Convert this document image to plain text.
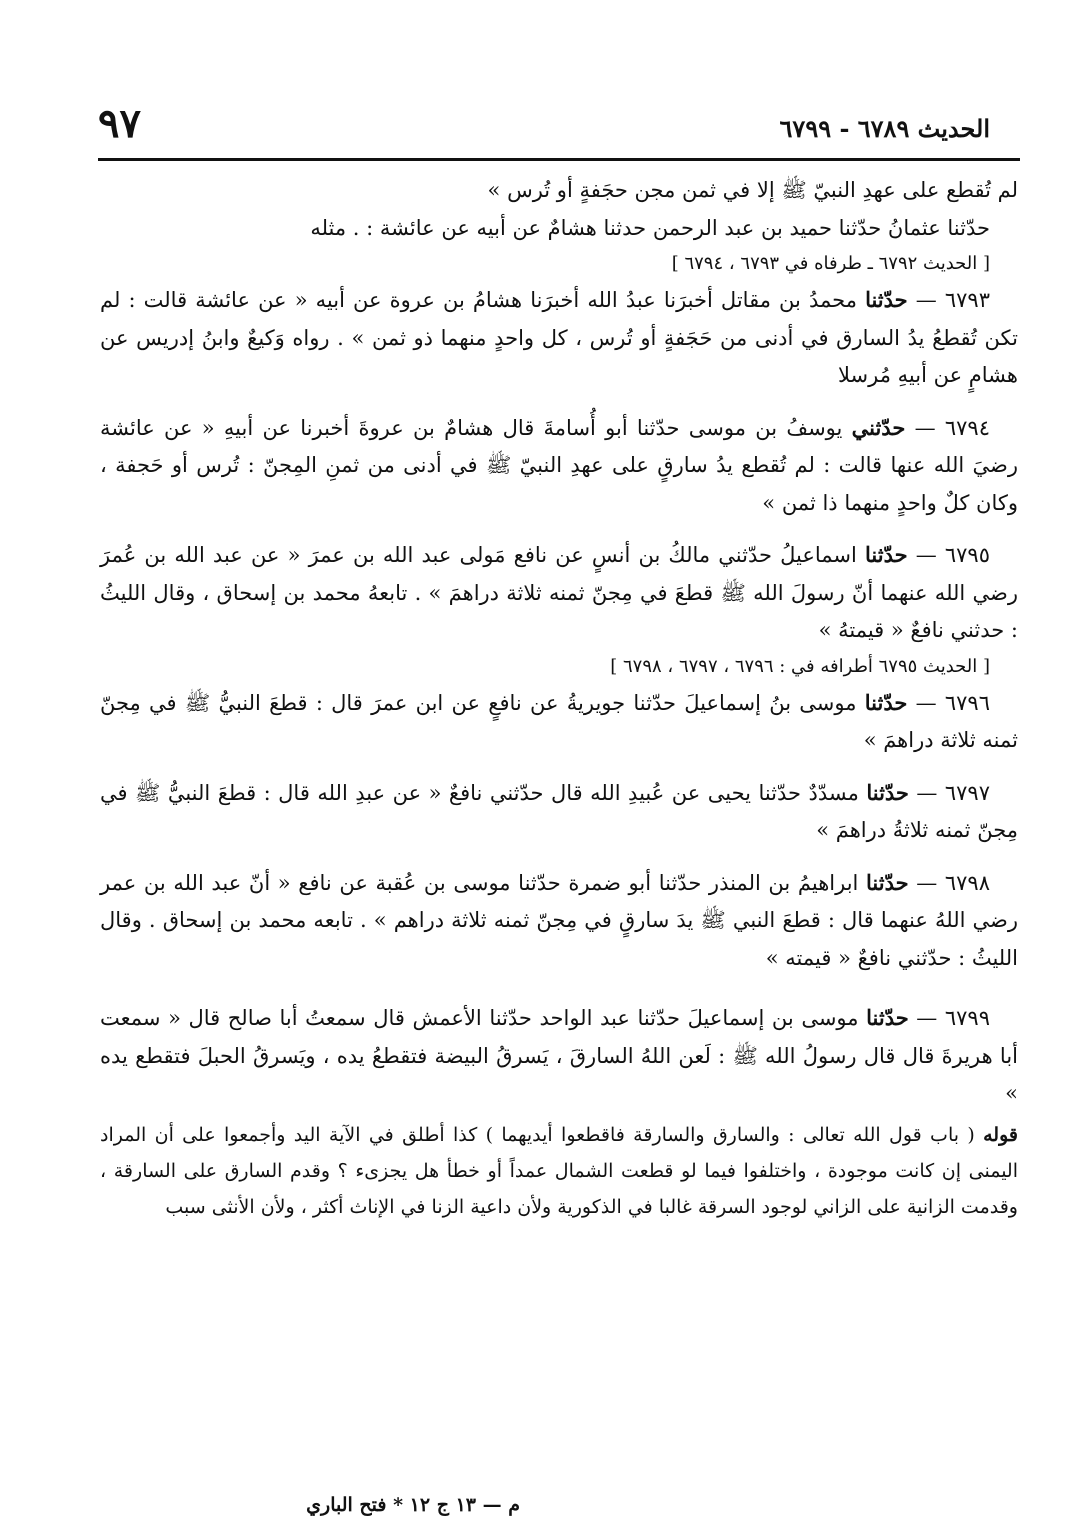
الحديث ٦٧٨٩ - ٦٧٩٩
٩٧

لم تُقطع على عهدِ النبيّ ﷺ إلا في ثمن مجن حجَفةٍ أو تُرس »

حدّثنا عثمانُ حدّثنا حميد بن عبد الرحمن حدثنا هشامٌ عن أبيه عن عائشة : . مثله

[ الحديث ٦٧٩٢ ـ طرفاه في ٦٧٩٣ ، ٦٧٩٤ ]

٦٧٩٣ — حدّثنا محمدُ بن مقاتل أخبرَنا عبدُ الله أخبرَنا هشامُ بن عروة عن أبيه « عن عائشة قالت : لم تكن تُقطعُ يدُ السارق في أدنى من حَجَفةٍ أو تُرس ، كل واحدٍ منهما ذو ثمن » . رواه وَكيعٌ وابنُ إدريس عن هشامٍ عن أبيهِ مُرسلا

٦٧٩٤ — حدّثني يوسفُ بن موسى حدّثنا أبو أُسامةَ قال هشامٌ بن عروةَ أخبرنا عن أبيهِ « عن عائشة رضيَ الله عنها قالت : لم تُقطع يدُ سارقٍ على عهدِ النبيّ ﷺ في أدنى من ثمنِ المِجنّ : تُرس أو حَجفة ، وكان كلٌ واحدٍ منهما ذا ثمن »

٦٧٩٥ — حدّثنا اسماعيلُ حدّثني مالكُ بن أنسٍ عن نافع مَولى عبد الله بن عمرَ « عن عبد الله بن عُمرَ رضي الله عنهما أنّ رسولَ الله ﷺ قطعَ في مِجنّ ثمنه ثلاثة دراهمَ » . تابعهُ محمد بن إسحاق ، وقال الليثُ : حدثني نافعٌ « قيمتهُ »

[ الحديث ٦٧٩٥ أطرافه في : ٦٧٩٦ ، ٦٧٩٧ ، ٦٧٩٨ ]

٦٧٩٦ — حدّثنا موسى بنُ إسماعيلَ حدّثنا جويريةُ عن نافعٍ عن ابن عمرَ قال : قطعَ النبيُّ ﷺ في مِجنّ ثمنه ثلاثة دراهمَ »

٦٧٩٧ — حدّثنا مسدّدٌ حدّثنا يحيى عن عُبيدِ الله قال حدّثني نافعٌ « عن عبدِ الله قال : قطعَ النبيُّ ﷺ في مِجنّ ثمنه ثلاثةُ دراهمَ »

٦٧٩٨ — حدّثنا ابراهيمُ بن المنذر حدّثنا أبو ضمرة حدّثنا موسى بن عُقبة عن نافع « أنّ عبد الله بن عمر رضي اللهُ عنهما قال : قطعَ النبي ﷺ يدَ سارقٍ في مِجنّ ثمنه ثلاثة دراهم » . تابعه محمد بن إسحاق . وقال الليثُ : حدّثني نافعٌ « قيمته »

٦٧٩٩ — حدّثنا موسى بن إسماعيلَ حدّثنا عبد الواحد حدّثنا الأعمش قال سمعتُ أبا صالح قال « سمعت أبا هريرةَ قال قال رسولُ الله ﷺ : لَعن اللهُ السارقَ ، يَسرقُ البيضة فتقطعُ يده ، ويَسرقُ الحبلَ فتقطع يده »

قوله ( باب قول الله تعالى : والسارق والسارقة فاقطعوا أيديهما ) كذا أطلق في الآية اليد وأجمعوا على أن المراد اليمنى إن كانت موجودة ، واختلفوا فيما لو قطعت الشمال عمداً أو خطأ هل يجزىء ؟ وقدم السارق على السارقة ، وقدمت الزانية على الزاني لوجود السرقة غالبا في الذكورية ولأن داعية الزنا في الإناث أكثر ، ولأن الأنثى سبب

م — ١٣ ج ١٢ * فتح الباري
